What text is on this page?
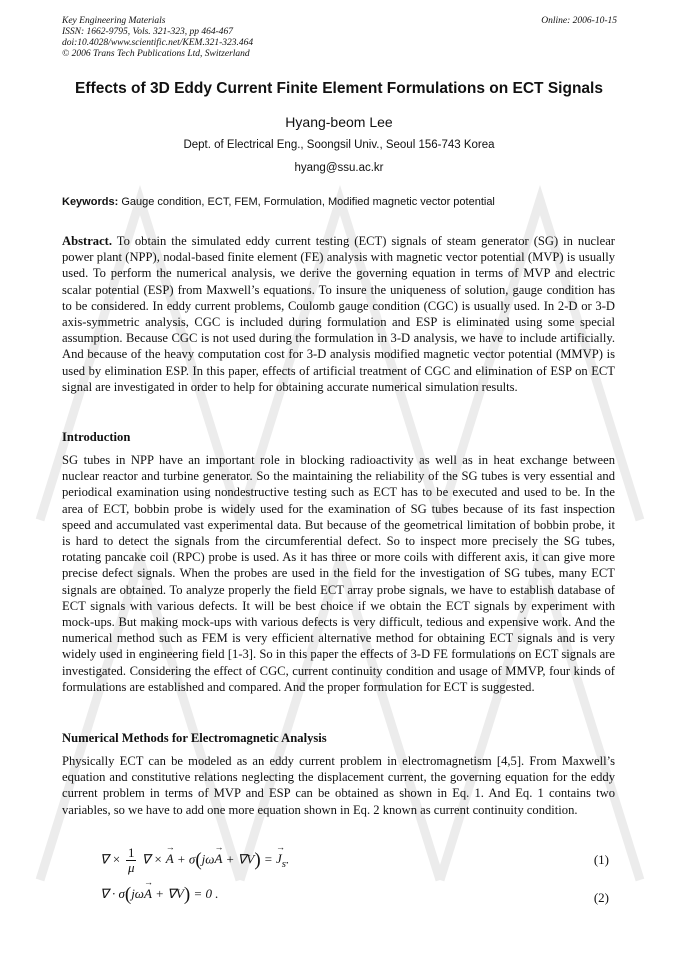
Key Engineering Materials
ISSN: 1662-9795, Vols. 321-323, pp 464-467
doi:10.4028/www.scientific.net/KEM.321-323.464
© 2006 Trans Tech Publications Ltd, Switzerland
Online: 2006-10-15
Effects of 3D Eddy Current Finite Element Formulations on ECT Signals
Hyang-beom Lee
Dept. of Electrical Eng., Soongsil Univ., Seoul 156-743 Korea
hyang@ssu.ac.kr
Keywords: Gauge condition, ECT, FEM, Formulation, Modified magnetic vector potential
Abstract. To obtain the simulated eddy current testing (ECT) signals of steam generator (SG) in nuclear power plant (NPP), nodal-based finite element (FE) analysis with magnetic vector potential (MVP) is usually used. To perform the numerical analysis, we derive the governing equation in terms of MVP and electric scalar potential (ESP) from Maxwell’s equations. To insure the uniqueness of solution, gauge condition has to be considered. In eddy current problems, Coulomb gauge condition (CGC) is usually used. In 2-D or 3-D axis-symmetric analysis, CGC is included during formulation and ESP is eliminated using some special assumption. Because CGC is not used during the formulation in 3-D analysis, we have to include artificially. And because of the heavy computation cost for 3-D analysis modified magnetic vector potential (MMVP) is used by elimination ESP. In this paper, effects of artificial treatment of CGC and elimination of ESP on ECT signal are investigated in order to help for obtaining accurate numerical simulation results.
Introduction
SG tubes in NPP have an important role in blocking radioactivity as well as in heat exchange between nuclear reactor and turbine generator. So the maintaining the reliability of the SG tubes is very essential and periodical examination using nondestructive testing such as ECT has to be executed and used to be. In the area of ECT, bobbin probe is widely used for the examination of SG tubes because of its fast inspection speed and accumulated vast experimental data. But because of the geometrical limitation of bobbin probe, it is hard to detect the signals from the circumferential defect. So to inspect more precisely the SG tubes, rotating pancake coil (RPC) probe is used. As it has three or more coils with different axis, it can give more precise defect signals. When the probes are used in the field for the investigation of SG tubes, many ECT signals are obtained. To analyze properly the field ECT array probe signals, we have to establish database of ECT signals with various defects. It will be best choice if we obtain the ECT signals by experiment with mock-ups. But making mock-ups with various defects is very difficult, tedious and expensive work. And the numerical method such as FEM is very efficient alternative method for obtaining ECT signals and is very widely used in engineering field [1-3]. So in this paper the effects of 3-D FE formulations on ECT signals are investigated. Considering the effect of CGC, current continuity condition and usage of MMVP, four kinds of formulations are established and compared. And the proper formulation for ECT is suggested.
Numerical Methods for Electromagnetic Analysis
Physically ECT can be modeled as an eddy current problem in electromagnetism [4,5]. From Maxwell’s equation and constitutive relations neglecting the displacement current, the governing equation for the eddy current problem in terms of MVP and ESP can be obtained as shown in Eq. 1. And Eq. 1 contains two variables, so we have to add one more equation shown in Eq. 2 known as current continuity condition.
∇ × $\frac{1}{\mu}$ ∇ × A → + σ(jωA → + $\nabla V) = J \to_s$.	(1)
∇ · σ(jωA → + ∇V) = 0 .	(2)
